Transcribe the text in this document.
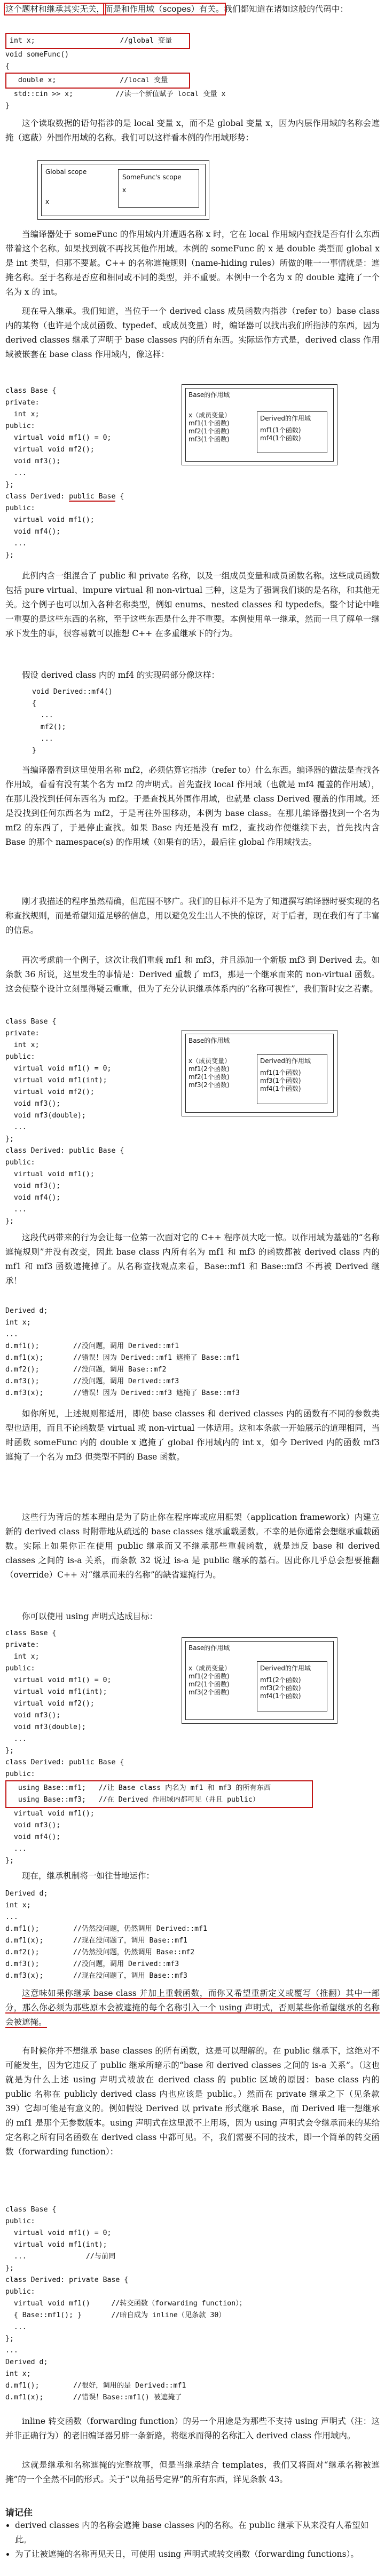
这个题材和继承其实无关，而是和作用域（scopes）有关。我们都知道在诸如这般的代码中：

int x;                    //global 变量
void someFunc()
{
double x;               //local 变量
std::cin >> x;          //读一个新值赋予 local 变量 x
}

这个读取数据的语句指涉的是 local 变量 x，而不是 global 变量 x，因为内层作用域的名称会遮掩（遮蔽）外围作用域的名称。我们可以这样看本例的作用域形势：

Global scope
x
SomeFunc's scope
x

当编译器处于 someFunc 的作用域内并遭遇名称 x 时，它在 local 作用域内查找是否有什么东西带着这个名称。如果找到就不再找其他作用域。本例的 someFunc 的 x 是 double 类型而 global x 是 int 类型，但那不要紧。C++ 的名称遮掩规则（name-hiding rules）所做的唯一一事情就是：遮掩名称。至于名称是否应和相同或不同的类型，并不重要。本例中一个名为 x 的 double 遮掩了一个名为 x 的 int。

现在导入继承。我们知道，当位于一个 derived class 成员函数内指涉（refer to）base class 内的某物（也许是个成员函数、typedef、或成员变量）时，编译器可以找出我们所指涉的东西，因为 derived classes 继承了声明于 base classes 内的所有东西。实际运作方式是，derived class 作用域被嵌套在 base class 作用域内，像这样：

class Base {
private:
int x;
public:
virtual void mf1() = 0;
virtual void mf2();
void mf3();
...
};
class Derived: public Base {
public:
virtual void mf1();
void mf4();
...
};
Base的作用域
x（成员变量）
mf1(1个函数)
mf2(1个函数)
mf3(1个函数)
Derived的作用域
mf1(1个函数)
mf4(1个函数)

此例内含一组混合了 public 和 private 名称，以及一组成员变量和成员函数名称。这些成员函数包括 pure virtual、impure virtual 和 non-virtual 三种，这是为了强调我们谈的是名称，和其他无关。这个例子也可以加入各种名称类型，例如 enums、nested classes 和 typedefs。整个讨论中唯一重要的是这些东西的名称，至于这些东西是什么并不重要。本例使用单一继承，然而一旦了解单一继承下发生的事，很容易就可以推想 C++ 在多重继承下的行为。

假设 derived class 内的 mf4 的实现码部分像这样：

void Derived::mf4()
{
...
mf2();
...
}

当编译器看到这里使用名称 mf2，必须估算它指涉（refer to）什么东西。编译器的做法是查找各作用域，看看有没有某个名为 mf2 的声明式。首先查找 local 作用域（也就是 mf4 覆盖的作用域），在那儿没找到任何东西名为 mf2。于是查找其外围作用域，也就是 class Derived 覆盖的作用域。还是没找到任何东西名为 mf2，于是再往外围移动，本例为 base class。在那儿编译器找到一个名为 mf2 的东西了，于是停止查找。如果 Base 内还是没有 mf2，查找动作便继续下去，首先找内含 Base 的那个 namespace(s) 的作用域（如果有的话），最后往 global 作用域找去。

刚才我描述的程序虽然精确，但范围不够广。我们的目标并不是为了知道撰写编译器时要实现的名称查找规则，而是希望知道足够的信息，用以避免发生出人不快的惊讶，对于后者，现在我们有了丰富的信息。

再次考虑前一个例子，这次让我们重载 mf1 和 mf3，并且添加一个新版 mf3 到 Derived 去。如条款 36 所说，这里发生的事情是：Derived 重载了 mf3，那是一个继承而来的 non-virtual 函数。这会使整个设计立刻显得疑云重重，但为了充分认识继承体系内的“名称可视性”，我们暂时安之若素。

class Base {
private:
int x;
public:
virtual void mf1() = 0;
virtual void mf1(int);
virtual void mf2();
void mf3();
void mf3(double);
...
};
class Derived: public Base {
public:
virtual void mf1();
void mf3();
void mf4();
...
};
Base的作用域
x（成员变量）
mf1(2个函数)
mf2(1个函数)
mf3(2个函数)
Derived的作用域
mf1(1个函数)
mf3(1个函数)
mf4(1个函数)

这段代码带来的行为会让每一位第一次面对它的 C++ 程序员大吃一惊。以作用域为基础的“名称遮掩规则”并没有改变，因此 base class 内所有名为 mf1 和 mf3 的函数都被 derived class 内的 mf1 和 mf3 函数遮掩掉了。从名称查找观点来看，Base::mf1 和 Base::mf3 不再被 Derived 继承！

Derived d;
int x;
...
d.mf1();        //没问题，调用 Derived::mf1
d.mf1(x);       //错误！因为 Derived::mf1 遮掩了 Base::mf1
d.mf2();        //没问题，调用 Base::mf2
d.mf3();        //没问题，调用 Derived::mf3
d.mf3(x);       //错误！因为 Derived::mf3 遮掩了 Base::mf3

如你所见，上述规则都适用，即使 base classes 和 derived classes 内的函数有不同的参数类型也适用，而且不论函数是 virtual 或 non-virtual 一体适用。这和本条款一开始展示的道理相同，当时函数 someFunc 内的 double x 遮掩了 global 作用域内的 int x，如今 Derived 内的函数 mf3 遮掩了一个名为 mf3 但类型不同的 Base 函数。

这些行为背后的基本理由是为了防止你在程序库或应用框架（application framework）内建立新的 derived class 时附带地从疏远的 base classes 继承重载函数。不幸的是你通常会想继承重载函数。实际上如果你正在使用 public 继承而又不继承那些重载函数，就是违反 base 和 derived classes 之间的 is-a 关系，而条款 32 说过 is-a 是 public 继承的基石。因此你几乎总会想要推翻（override）C++ 对“继承而来的名称”的缺省遮掩行为。

你可以使用 using 声明式达成目标：

class Base {
private:
int x;
public:
virtual void mf1() = 0;
virtual void mf1(int);
virtual void mf2();
void mf3();
void mf3(double);
...
};
class Derived: public Base {
public:
using Base::mf1;   //让 Base class 内名为 mf1 和 mf3 的所有东西
using Base::mf3;   //在 Derived 作用域内都可见（并且 public）
virtual void mf1();
void mf3();
void mf4();
...
};
Base的作用域
x（成员变量）
mf1(2个函数)
mf2(1个函数)
mf3(2个函数)
Derived的作用域
mf1(2个函数)
mf3(2个函数)
mf4(1个函数)

现在，继承机制将一如往昔地运作：

Derived d;
int x;
...
d.mf1();        //仍然没问题，仍然调用 Derived::mf1
d.mf1(x);       //现在没问题了，调用 Base::mf1
d.mf2();        //仍然没问题，仍然调用 Base::mf2
d.mf3();        //没问题，调用 Derived::mf3
d.mf3(x);       //现在没问题了，调用 Base::mf3

这意味如果你继承 base class 并加上重载函数，而你又希望重新定义或覆写（推翻）其中一部分，那么你必须为那些原本会被遮掩的每个名称引入一个 using 声明式，否则某些你希望继承的名称会被遮掩。

有时候你并不想继承 base classes 的所有函数，这是可以理解的。在 public 继承下，这绝对不可能发生，因为它违反了 public 继承所暗示的“base 和 derived classes 之间的 is-a 关系”。（这也就是为什么上述 using 声明式被放在 derived class 的 public 区域的原因：base class 内的 public 名称在 publicly derived class 内也应该是 public。）然而在 private 继承之下（见条款 39）它却可能是有意义的。例如假设 Derived 以 private 形式继承 Base，而 Derived 唯一想继承的 mf1 是那个无参数版本。using 声明式在这里派不上用场，因为 using 声明式会令继承而来的某给定名称之所有同名函数在 derived class 中都可见。不，我们需要不同的技术，即一个简单的转交函数（forwarding function）：

class Base {
public:
virtual void mf1() = 0;
virtual void mf1(int);
...              //与前同
};
class Derived: private Base {
public:
virtual void mf1()     //转交函数（forwarding function）；
{ Base::mf1(); }       //暗自成为 inline（见条款 30）
...
};
...
Derived d;
int x;
d.mf1();        //很好，调用的是 Derived::mf1
d.mf1(x);       //错误！Base::mf1() 被遮掩了

inline 转交函数（forwarding function）的另一个用途是为那些不支持 using 声明式（注：这并非正确行为）的老旧编译器另辟一条新路，将继承而得的名称汇入 derived class 作用域内。

这就是继承和名称遮掩的完整故事，但是当继承结合 templates，我们又将面对“继承名称被遮掩”的一个全然不同的形式。关于“以角括号定界”的所有东西，详见条款 43。

请记住
• derived classes 内的名称会遮掩 base classes 内的名称。在 public 继承下从来没有人希望如此。
• 为了让被遮掩的名称再见天日，可使用 using 声明式或转交函数（forwarding functions）。
